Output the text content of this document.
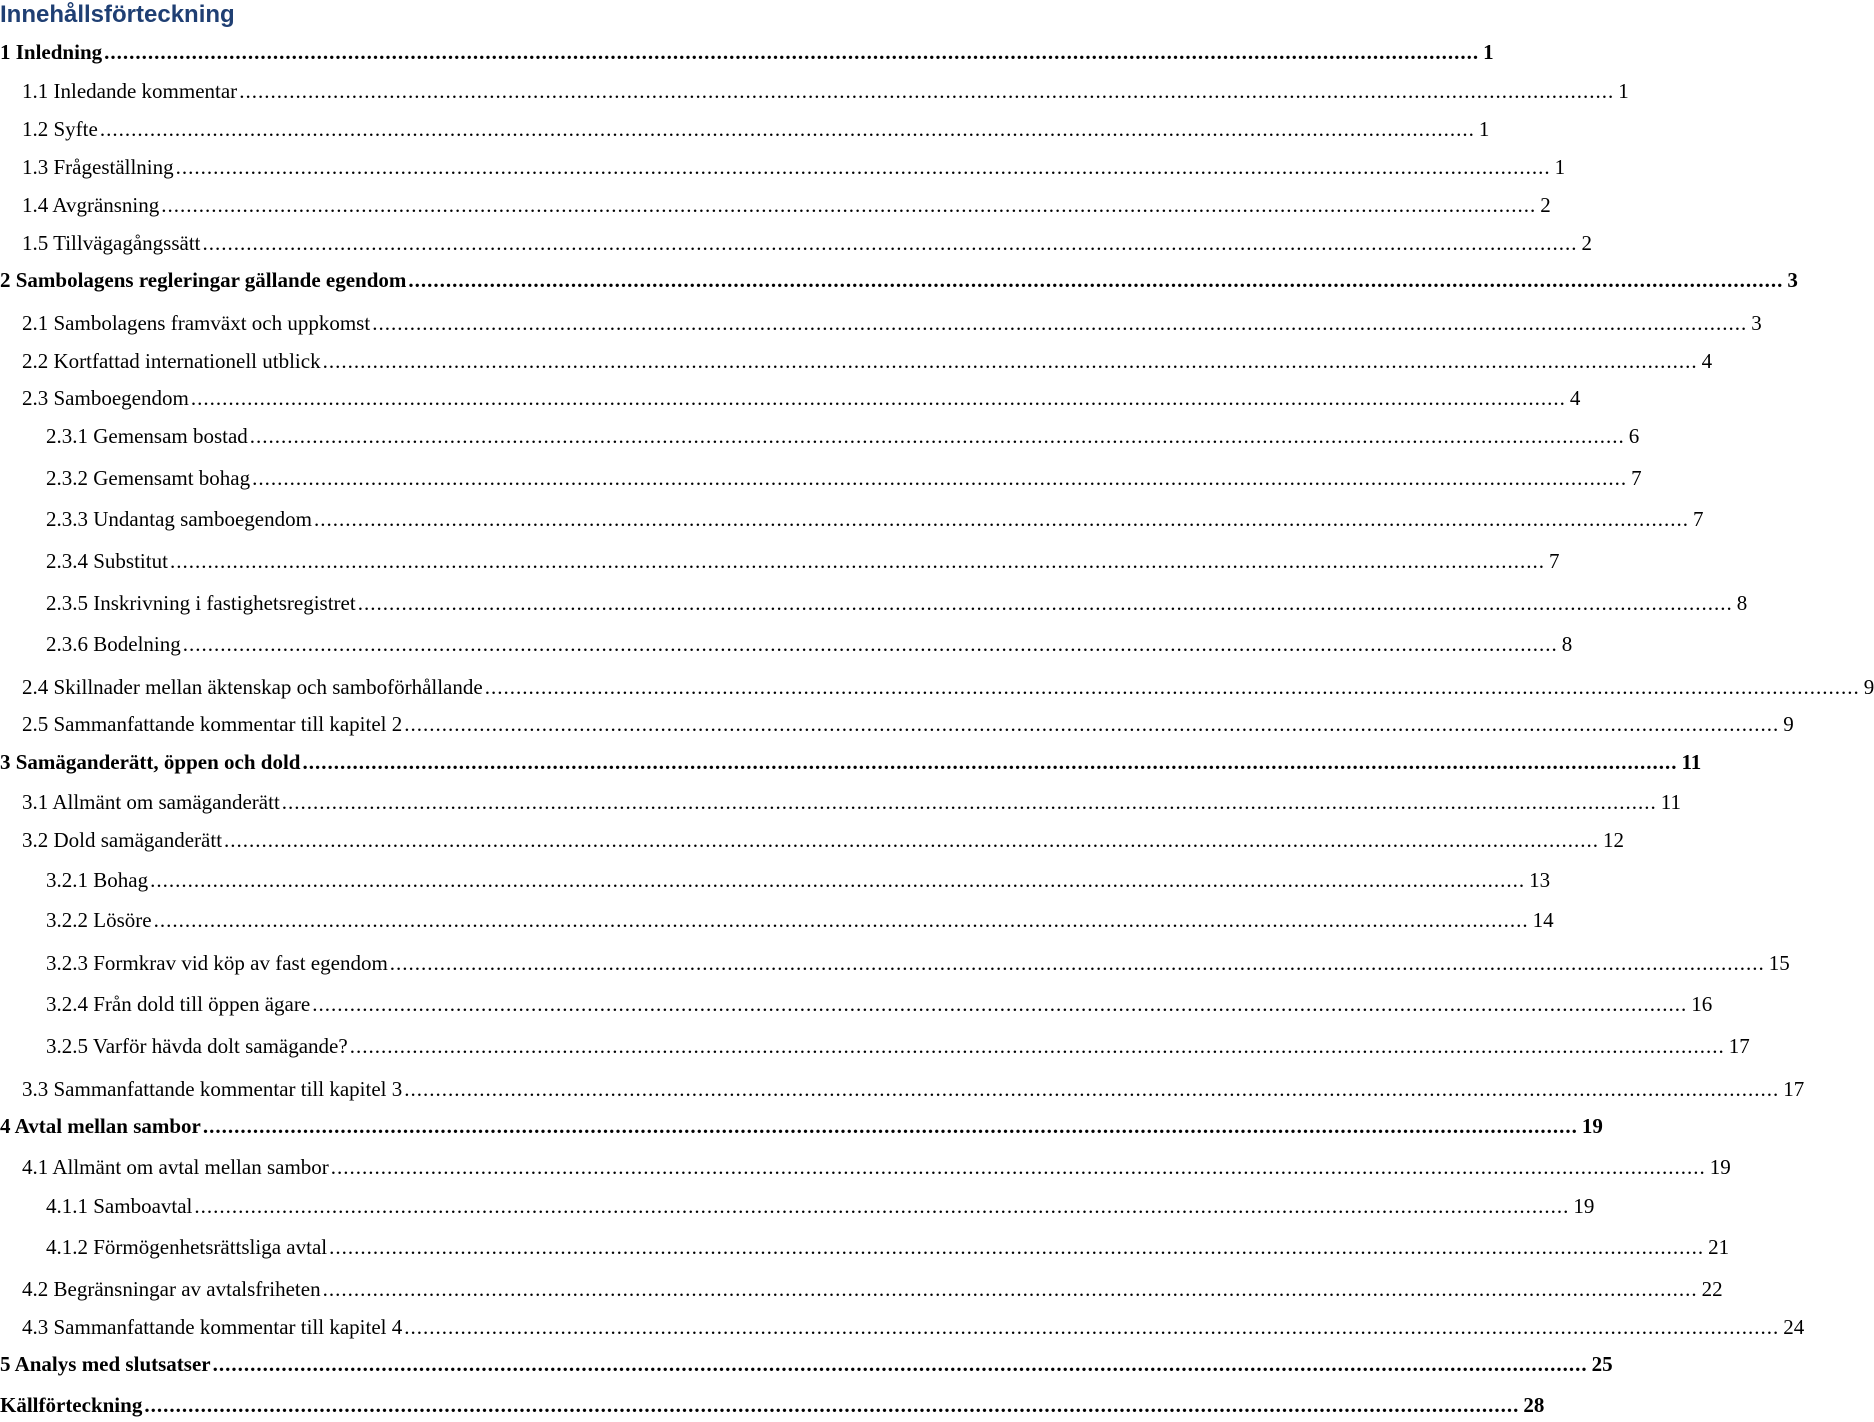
Innehållsförteckning
1 Inledning ............................................................................................................................................................................................................................ 1
1.1 Inledande kommentar ............................................................................................................................................................................................................................ 1
1.2 Syfte ............................................................................................................................................................................................................................ 1
1.3 Frågeställning ............................................................................................................................................................................................................................ 1
1.4 Avgränsning ............................................................................................................................................................................................................................ 2
1.5 Tillvägagångssätt ............................................................................................................................................................................................................................ 2
2 Sambolagens regleringar gällande egendom ............................................................................................................................................................................................................................ 3
2.1 Sambolagens framväxt och uppkomst ............................................................................................................................................................................................................................ 3
2.2 Kortfattad internationell utblick ............................................................................................................................................................................................................................ 4
2.3 Samboegendom ............................................................................................................................................................................................................................ 4
2.3.1 Gemensam bostad ............................................................................................................................................................................................................................ 6
2.3.2 Gemensamt bohag ............................................................................................................................................................................................................................ 7
2.3.3 Undantag samboegendom ............................................................................................................................................................................................................................ 7
2.3.4 Substitut ............................................................................................................................................................................................................................ 7
2.3.5 Inskrivning i fastighetsregistret ............................................................................................................................................................................................................................ 8
2.3.6 Bodelning ............................................................................................................................................................................................................................ 8
2.4 Skillnader mellan äktenskap och samboförhållande ............................................................................................................................................................................................................................ 9
2.5 Sammanfattande kommentar till kapitel 2 ............................................................................................................................................................................................................................ 9
3 Samäganderätt, öppen och dold ............................................................................................................................................................................................................................ 11
3.1 Allmänt om samäganderätt ............................................................................................................................................................................................................................ 11
3.2 Dold samäganderätt ............................................................................................................................................................................................................................ 12
3.2.1 Bohag ............................................................................................................................................................................................................................ 13
3.2.2 Lösöre ............................................................................................................................................................................................................................ 14
3.2.3 Formkrav vid köp av fast egendom ............................................................................................................................................................................................................................ 15
3.2.4 Från dold till öppen ägare ............................................................................................................................................................................................................................ 16
3.2.5 Varför hävda dolt samägande? ............................................................................................................................................................................................................................ 17
3.3 Sammanfattande kommentar till kapitel 3 ............................................................................................................................................................................................................................ 17
4 Avtal mellan sambor ............................................................................................................................................................................................................................ 19
4.1 Allmänt om avtal mellan sambor ............................................................................................................................................................................................................................ 19
4.1.1 Samboavtal ............................................................................................................................................................................................................................ 19
4.1.2 Förmögenhetsrättsliga avtal ............................................................................................................................................................................................................................ 21
4.2 Begränsningar av avtalsfriheten ............................................................................................................................................................................................................................ 22
4.3 Sammanfattande kommentar till kapitel 4 ............................................................................................................................................................................................................................ 24
5 Analys med slutsatser ............................................................................................................................................................................................................................ 25
Källförteckning ............................................................................................................................................................................................................................ 28
